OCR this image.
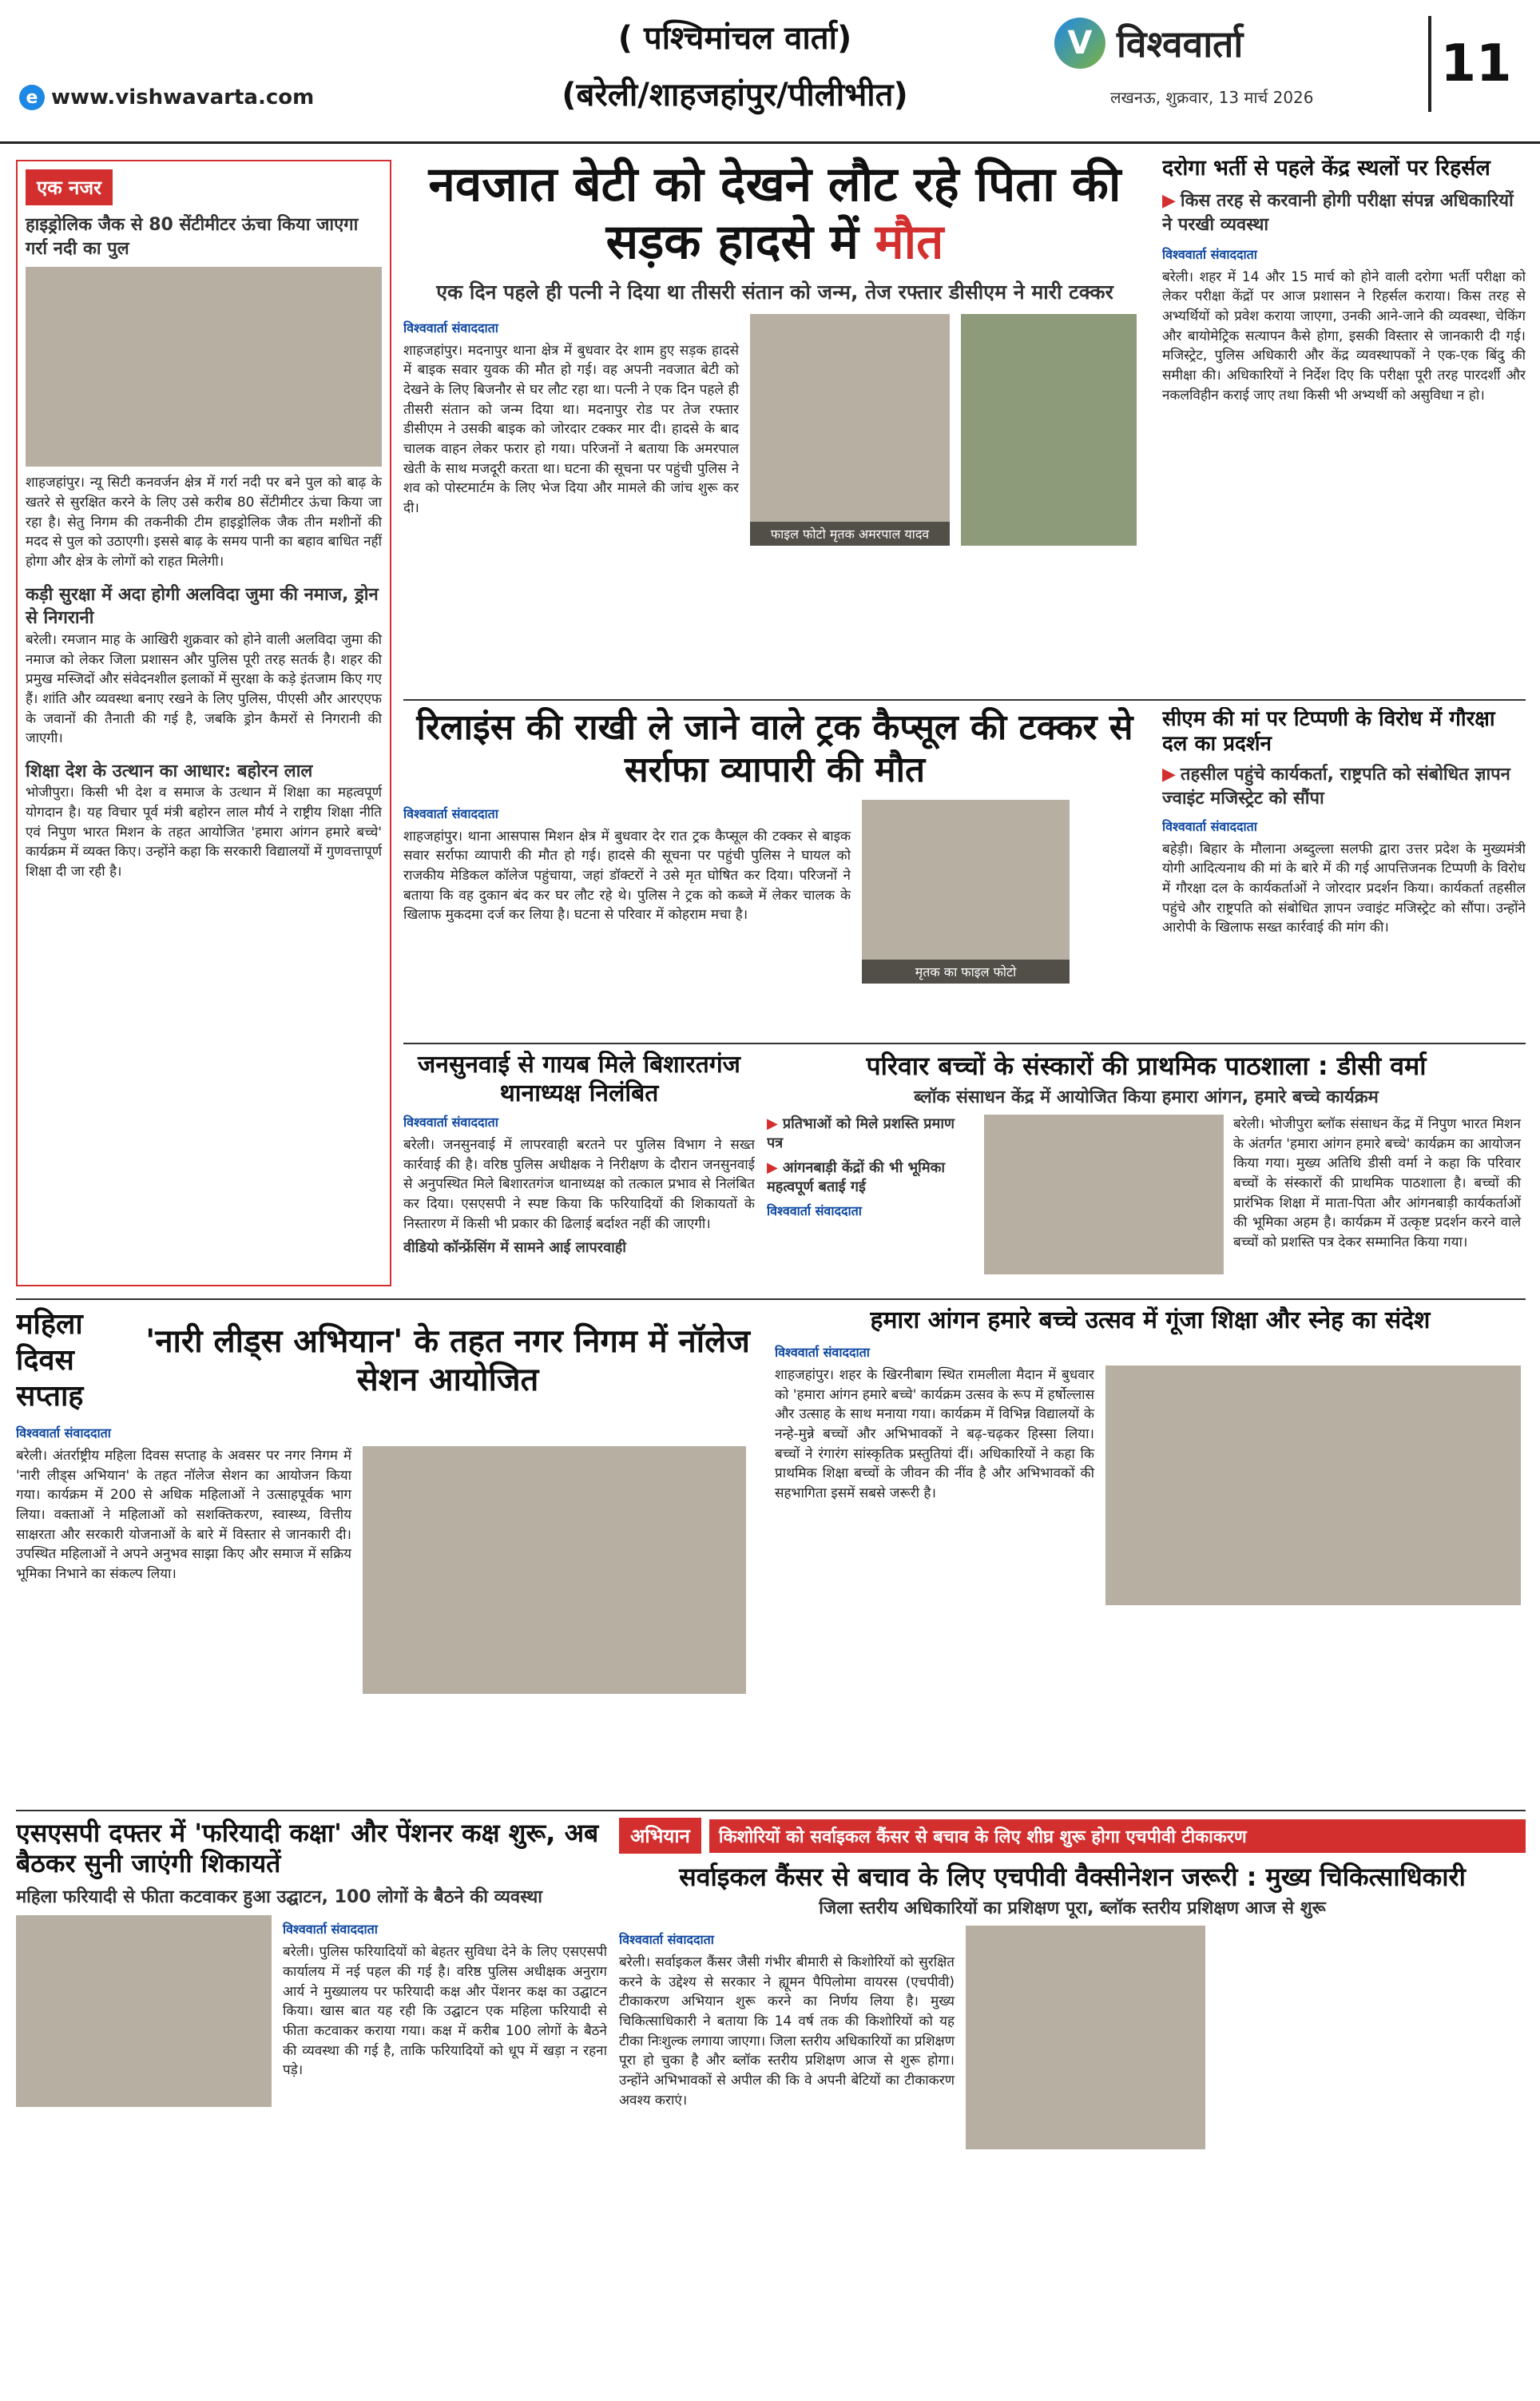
e www.vishwavarta.com
( पश्चिमांचल वार्ता)
(बरेली/शाहजहांपुर/पीलीभीत)
V विश्ववार्ता
लखनऊ, शुक्रवार, 13 मार्च 2026
11
एक नजर
हाइड्रोलिक जैक से 80 सेंटीमीटर ऊंचा किया जाएगा गर्रा नदी का पुल
शाहजहांपुर। न्यू सिटी कनवर्जन क्षेत्र में गर्रा नदी पर बने पुल को बाढ़ के खतरे से सुरक्षित करने के लिए उसे करीब 80 सेंटीमीटर ऊंचा किया जा रहा है। सेतु निगम की तकनीकी टीम हाइड्रोलिक जैक तीन मशीनों की मदद से पुल को उठाएगी। इससे बाढ़ के समय पानी का बहाव बाधित नहीं होगा और क्षेत्र के लोगों को राहत मिलेगी।
कड़ी सुरक्षा में अदा होगी अलविदा जुमा की नमाज, ड्रोन से निगरानी
बरेली। रमजान माह के आखिरी शुक्रवार को होने वाली अलविदा जुमा की नमाज को लेकर जिला प्रशासन और पुलिस पूरी तरह सतर्क है। शहर की प्रमुख मस्जिदों और संवेदनशील इलाकों में सुरक्षा के कड़े इंतजाम किए गए हैं। शांति और व्यवस्था बनाए रखने के लिए पुलिस, पीएसी और आरएएफ के जवानों की तैनाती की गई है, जबकि ड्रोन कैमरों से निगरानी की जाएगी।
शिक्षा देश के उत्थान का आधार: बहोरन लाल
भोजीपुरा। किसी भी देश व समाज के उत्थान में शिक्षा का महत्वपूर्ण योगदान है। यह विचार पूर्व मंत्री बहोरन लाल मौर्य ने राष्ट्रीय शिक्षा नीति एवं निपुण भारत मिशन के तहत आयोजित 'हमारा आंगन हमारे बच्चे' कार्यक्रम में व्यक्त किए। उन्होंने कहा कि सरकारी विद्यालयों में गुणवत्तापूर्ण शिक्षा दी जा रही है।
नवजात बेटी को देखने लौट रहे पिता की सड़क हादसे में मौत
एक दिन पहले ही पत्नी ने दिया था तीसरी संतान को जन्म, तेज रफ्तार डीसीएम ने मारी टक्कर
विश्ववार्ता संवाददाता
शाहजहांपुर। मदनापुर थाना क्षेत्र में बुधवार देर शाम हुए सड़क हादसे में बाइक सवार युवक की मौत हो गई। वह अपनी नवजात बेटी को देखने के लिए बिजनौर से घर लौट रहा था। पत्नी ने एक दिन पहले ही तीसरी संतान को जन्म दिया था। मदनापुर रोड पर तेज रफ्तार डीसीएम ने उसकी बाइक को जोरदार टक्कर मार दी। हादसे के बाद चालक वाहन लेकर फरार हो गया। परिजनों ने बताया कि अमरपाल खेती के साथ मजदूरी करता था। घटना की सूचना पर पहुंची पुलिस ने शव को पोस्टमार्टम के लिए भेज दिया और मामले की जांच शुरू कर दी।
फाइल फोटो मृतक अमरपाल यादव
दरोगा भर्ती से पहले केंद्र स्थलों पर रिहर्सल
▶ किस तरह से करवानी होगी परीक्षा संपन्न अधिकारियों ने परखी व्यवस्था
विश्ववार्ता संवाददाता
बरेली। शहर में 14 और 15 मार्च को होने वाली दरोगा भर्ती परीक्षा को लेकर परीक्षा केंद्रों पर आज प्रशासन ने रिहर्सल कराया। किस तरह से अभ्यर्थियों को प्रवेश कराया जाएगा, उनकी आने-जाने की व्यवस्था, चेकिंग और बायोमेट्रिक सत्यापन कैसे होगा, इसकी विस्तार से जानकारी दी गई। मजिस्ट्रेट, पुलिस अधिकारी और केंद्र व्यवस्थापकों ने एक-एक बिंदु की समीक्षा की। अधिकारियों ने निर्देश दिए कि परीक्षा पूरी तरह पारदर्शी और नकलविहीन कराई जाए तथा किसी भी अभ्यर्थी को असुविधा न हो।
रिलाइंस की राखी ले जाने वाले ट्रक कैप्सूल की टक्कर से सर्राफा व्यापारी की मौत
विश्ववार्ता संवाददाता
शाहजहांपुर। थाना आसपास मिशन क्षेत्र में बुधवार देर रात ट्रक कैप्सूल की टक्कर से बाइक सवार सर्राफा व्यापारी की मौत हो गई। हादसे की सूचना पर पहुंची पुलिस ने घायल को राजकीय मेडिकल कॉलेज पहुंचाया, जहां डॉक्टरों ने उसे मृत घोषित कर दिया। परिजनों ने बताया कि वह दुकान बंद कर घर लौट रहे थे। पुलिस ने ट्रक को कब्जे में लेकर चालक के खिलाफ मुकदमा दर्ज कर लिया है। घटना से परिवार में कोहराम मचा है।
मृतक का फाइल फोटो
सीएम की मां पर टिप्पणी के विरोध में गौरक्षा दल का प्रदर्शन
▶ तहसील पहुंचे कार्यकर्ता, राष्ट्रपति को संबोधित ज्ञापन ज्वाइंट मजिस्ट्रेट को सौंपा
विश्ववार्ता संवाददाता
बहेड़ी। बिहार के मौलाना अब्दुल्ला सलफी द्वारा उत्तर प्रदेश के मुख्यमंत्री योगी आदित्यनाथ की मां के बारे में की गई आपत्तिजनक टिप्पणी के विरोध में गौरक्षा दल के कार्यकर्ताओं ने जोरदार प्रदर्शन किया। कार्यकर्ता तहसील पहुंचे और राष्ट्रपति को संबोधित ज्ञापन ज्वाइंट मजिस्ट्रेट को सौंपा। उन्होंने आरोपी के खिलाफ सख्त कार्रवाई की मांग की।
जनसुनवाई से गायब मिले बिशारतगंज थानाध्यक्ष निलंबित
विश्ववार्ता संवाददाता
बरेली। जनसुनवाई में लापरवाही बरतने पर पुलिस विभाग ने सख्त कार्रवाई की है। वरिष्ठ पुलिस अधीक्षक ने निरीक्षण के दौरान जनसुनवाई से अनुपस्थित मिले बिशारतगंज थानाध्यक्ष को तत्काल प्रभाव से निलंबित कर दिया। एसएसपी ने स्पष्ट किया कि फरियादियों की शिकायतों के निस्तारण में किसी भी प्रकार की ढिलाई बर्दाश्त नहीं की जाएगी।
वीडियो कॉन्फ्रेंसिंग में सामने आई लापरवाही
परिवार बच्चों के संस्कारों की प्राथमिक पाठशाला : डीसी वर्मा
ब्लॉक संसाधन केंद्र में आयोजित किया हमारा आंगन, हमारे बच्चे कार्यक्रम
▶ प्रतिभाओं को मिले प्रशस्ति प्रमाण पत्र
▶ आंगनबाड़ी केंद्रों की भी भूमिका महत्वपूर्ण बताई गई
विश्ववार्ता संवाददाता
बरेली। भोजीपुरा ब्लॉक संसाधन केंद्र में निपुण भारत मिशन के अंतर्गत 'हमारा आंगन हमारे बच्चे' कार्यक्रम का आयोजन किया गया। मुख्य अतिथि डीसी वर्मा ने कहा कि परिवार बच्चों के संस्कारों की प्राथमिक पाठशाला है। बच्चों की प्रारंभिक शिक्षा में माता-पिता और आंगनबाड़ी कार्यकर्ताओं की भूमिका अहम है। कार्यक्रम में उत्कृष्ट प्रदर्शन करने वाले बच्चों को प्रशस्ति पत्र देकर सम्मानित किया गया।
महिला दिवस सप्ताह
'नारी लीड्स अभियान' के तहत नगर निगम में नॉलेज सेशन आयोजित
विश्ववार्ता संवाददाता
बरेली। अंतर्राष्ट्रीय महिला दिवस सप्ताह के अवसर पर नगर निगम में 'नारी लीड्स अभियान' के तहत नॉलेज सेशन का आयोजन किया गया। कार्यक्रम में 200 से अधिक महिलाओं ने उत्साहपूर्वक भाग लिया। वक्ताओं ने महिलाओं को सशक्तिकरण, स्वास्थ्य, वित्तीय साक्षरता और सरकारी योजनाओं के बारे में विस्तार से जानकारी दी। उपस्थित महिलाओं ने अपने अनुभव साझा किए और समाज में सक्रिय भूमिका निभाने का संकल्प लिया।
हमारा आंगन हमारे बच्चे उत्सव में गूंजा शिक्षा और स्नेह का संदेश
विश्ववार्ता संवाददाता
शाहजहांपुर। शहर के खिरनीबाग स्थित रामलीला मैदान में बुधवार को 'हमारा आंगन हमारे बच्चे' कार्यक्रम उत्सव के रूप में हर्षोल्लास और उत्साह के साथ मनाया गया। कार्यक्रम में विभिन्न विद्यालयों के नन्हे-मुन्ने बच्चों और अभिभावकों ने बढ़-चढ़कर हिस्सा लिया। बच्चों ने रंगारंग सांस्कृतिक प्रस्तुतियां दीं। अधिकारियों ने कहा कि प्राथमिक शिक्षा बच्चों के जीवन की नींव है और अभिभावकों की सहभागिता इसमें सबसे जरूरी है।
एसएसपी दफ्तर में 'फरियादी कक्षा' और पेंशनर कक्ष शुरू, अब बैठकर सुनी जाएंगी शिकायतें
महिला फरियादी से फीता कटवाकर हुआ उद्घाटन, 100 लोगों के बैठने की व्यवस्था
विश्ववार्ता संवाददाता
बरेली। पुलिस फरियादियों को बेहतर सुविधा देने के लिए एसएसपी कार्यालय में नई पहल की गई है। वरिष्ठ पुलिस अधीक्षक अनुराग आर्य ने मुख्यालय पर फरियादी कक्ष और पेंशनर कक्ष का उद्घाटन किया। खास बात यह रही कि उद्घाटन एक महिला फरियादी से फीता कटवाकर कराया गया। कक्ष में करीब 100 लोगों के बैठने की व्यवस्था की गई है, ताकि फरियादियों को धूप में खड़ा न रहना पड़े।
अभियान	किशोरियों को सर्वाइकल कैंसर से बचाव के लिए शीघ्र शुरू होगा एचपीवी टीकाकरण
सर्वाइकल कैंसर से बचाव के लिए एचपीवी वैक्सीनेशन जरूरी : मुख्य चिकित्साधिकारी
जिला स्तरीय अधिकारियों का प्रशिक्षण पूरा, ब्लॉक स्तरीय प्रशिक्षण आज से शुरू
विश्ववार्ता संवाददाता
बरेली। सर्वाइकल कैंसर जैसी गंभीर बीमारी से किशोरियों को सुरक्षित करने के उद्देश्य से सरकार ने ह्यूमन पैपिलोमा वायरस (एचपीवी) टीकाकरण अभियान शुरू करने का निर्णय लिया है। मुख्य चिकित्साधिकारी ने बताया कि 14 वर्ष तक की किशोरियों को यह टीका निःशुल्क लगाया जाएगा। जिला स्तरीय अधिकारियों का प्रशिक्षण पूरा हो चुका है और ब्लॉक स्तरीय प्रशिक्षण आज से शुरू होगा। उन्होंने अभिभावकों से अपील की कि वे अपनी बेटियों का टीकाकरण अवश्य कराएं।
